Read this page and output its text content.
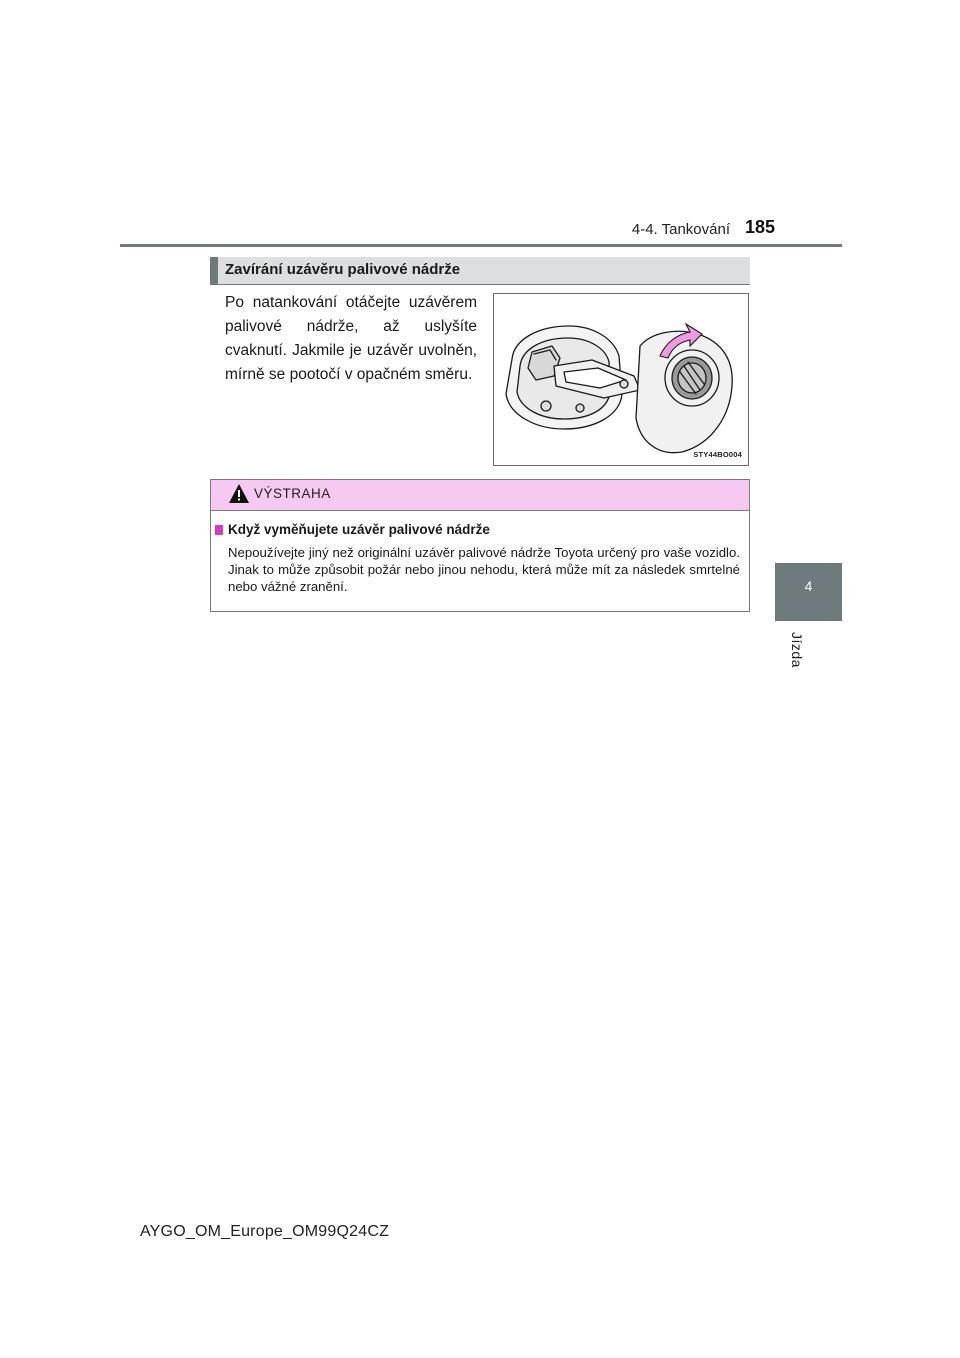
4-4. Tankování 185
4
Jízda
Zavírání uzávěru palivové nádrže
Po natankování otáčejte uzávěrem palivové nádrže, až uslyšíte cvaknutí. Jakmile je uzávěr uvolněn, mírně se pootočí v opačném směru.
STY44BO004
VÝSTRAHA
Když vyměňujete uzávěr palivové nádrže
Nepoužívejte jiný než originální uzávěr palivové nádrže Toyota určený pro vaše vozidlo. Jinak to může způsobit požár nebo jinou nehodu, která může mít za následek smrtelné nebo vážné zranění.
AYGO_OM_Europe_OM99Q24CZ
